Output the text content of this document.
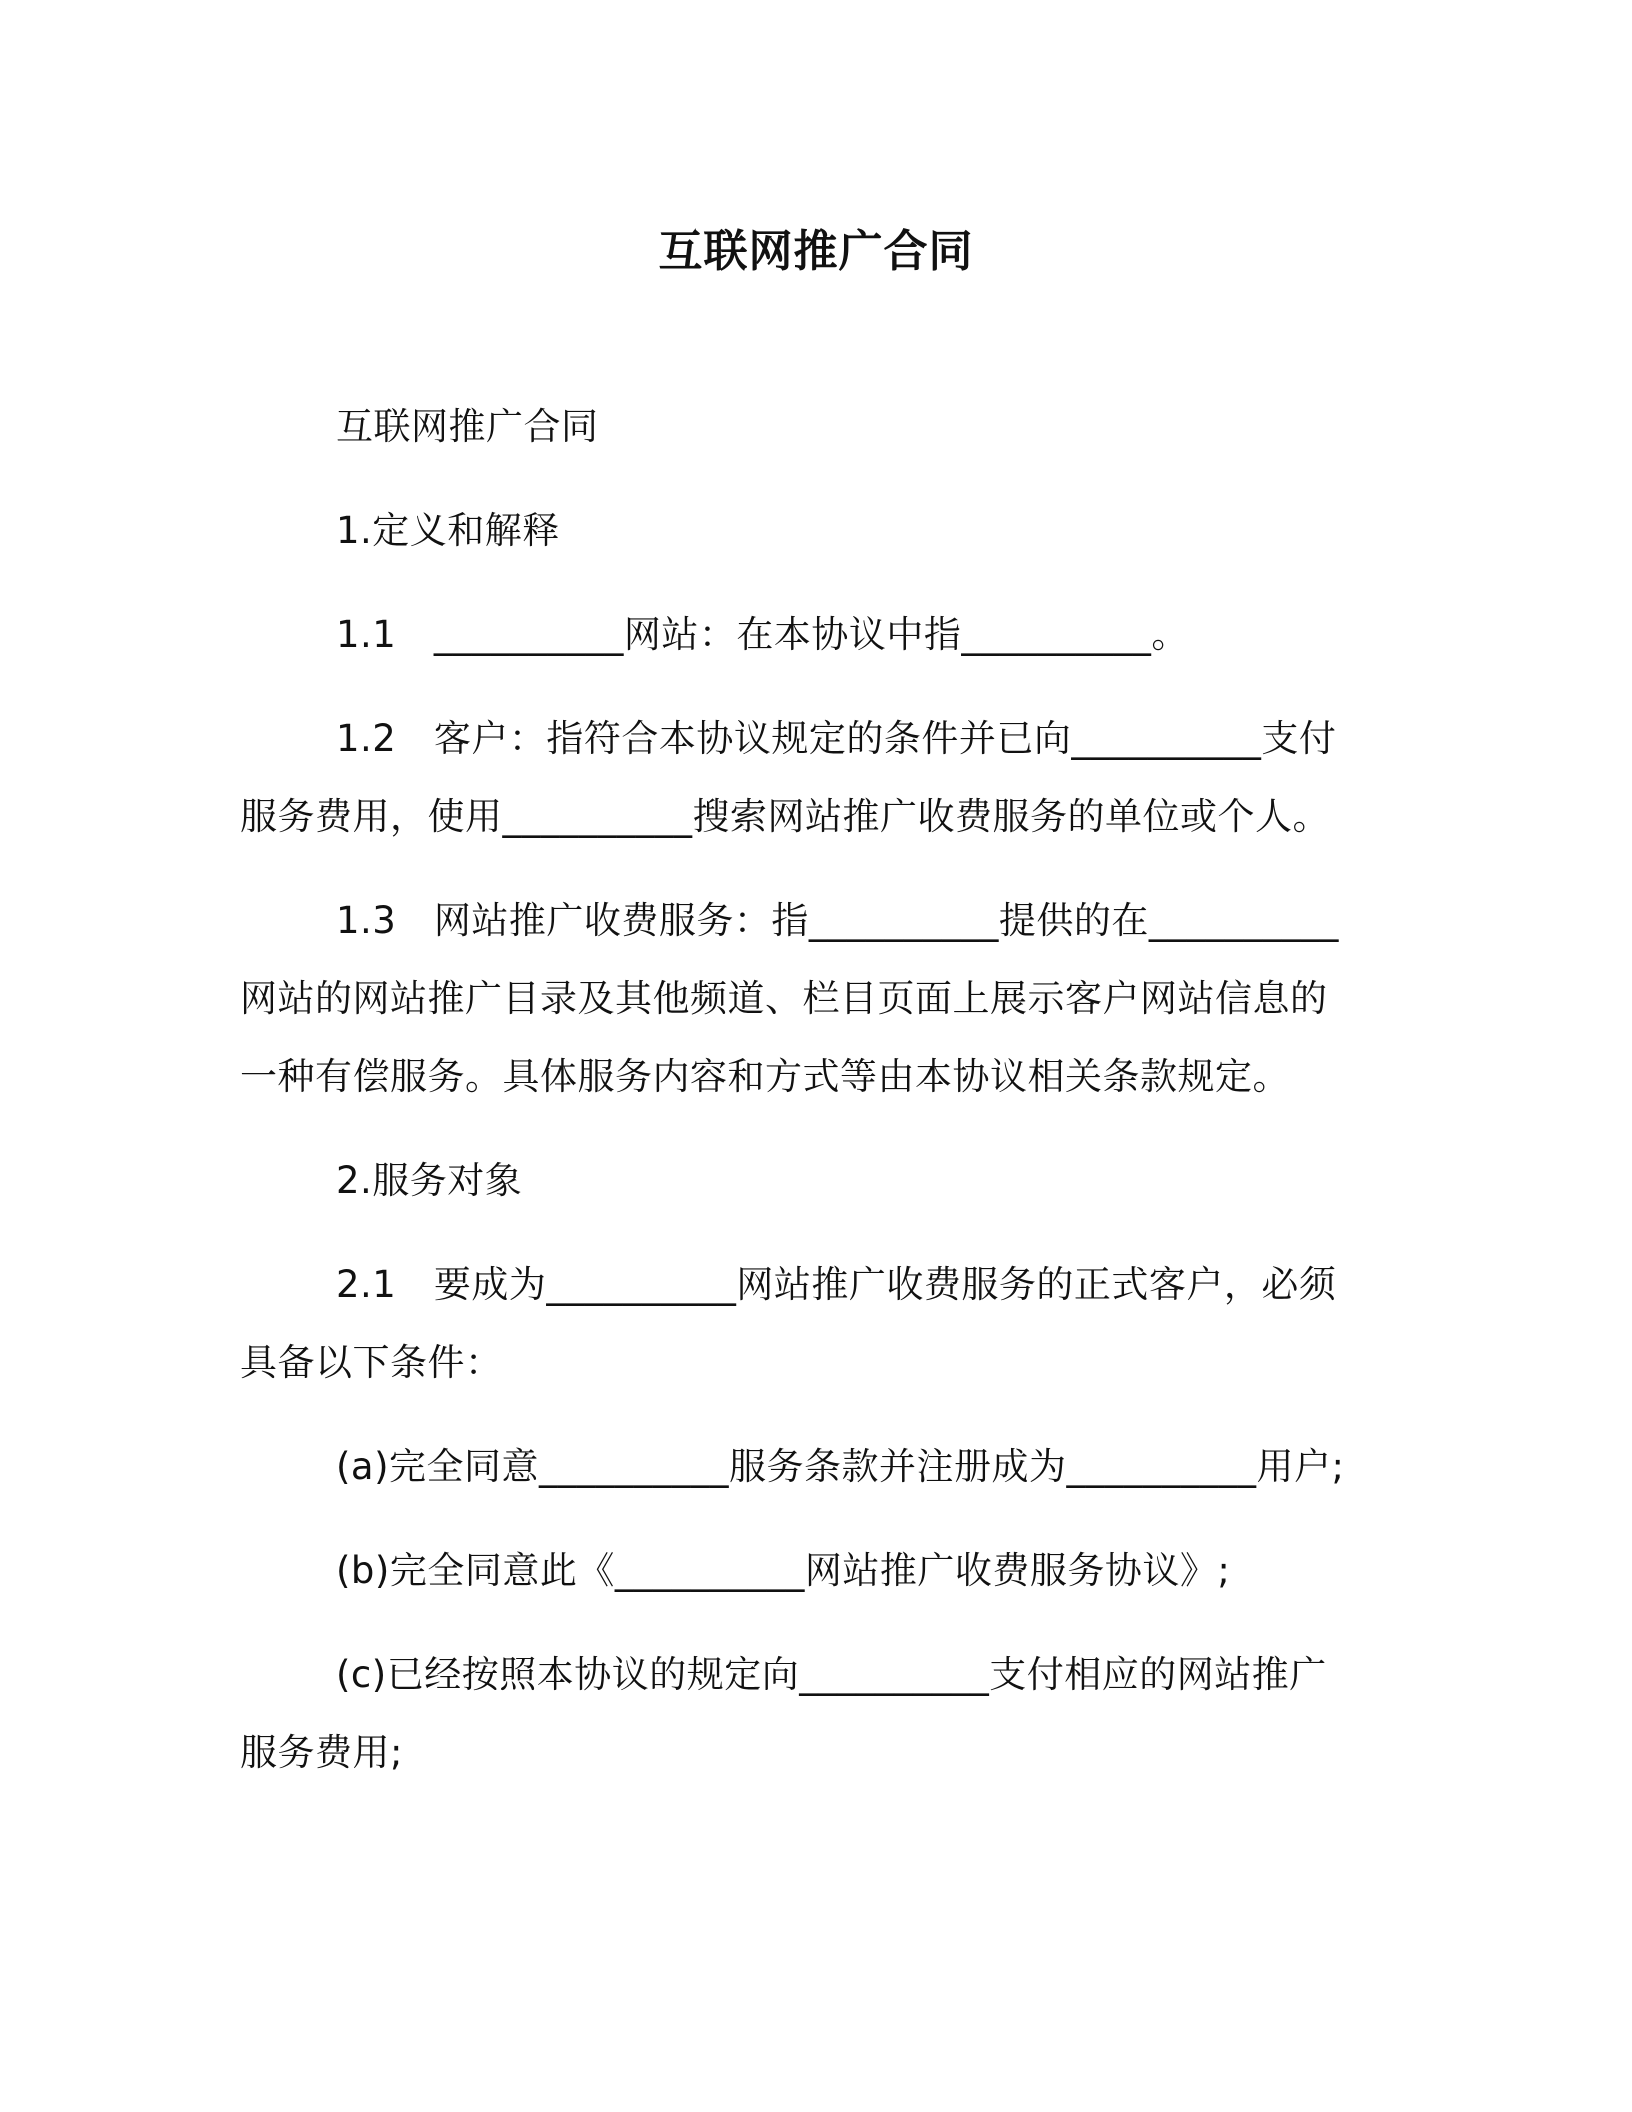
互联网推广合同

互联网推广合同

1.定义和解释

1.1　__________网站：在本协议中指__________。

1.2　客户：指符合本协议规定的条件并已向__________支付服务费用，使用__________搜索网站推广收费服务的单位或个人。

1.3　网站推广收费服务：指__________提供的在__________网站的网站推广目录及其他频道、栏目页面上展示客户网站信息的一种有偿服务。具体服务内容和方式等由本协议相关条款规定。

2.服务对象

2.1　要成为__________网站推广收费服务的正式客户，必须具备以下条件：

(a)完全同意__________服务条款并注册成为__________用户;

(b)完全同意此《__________网站推广收费服务协议》;

(c)已经按照本协议的规定向__________支付相应的网站推广服务费用;
